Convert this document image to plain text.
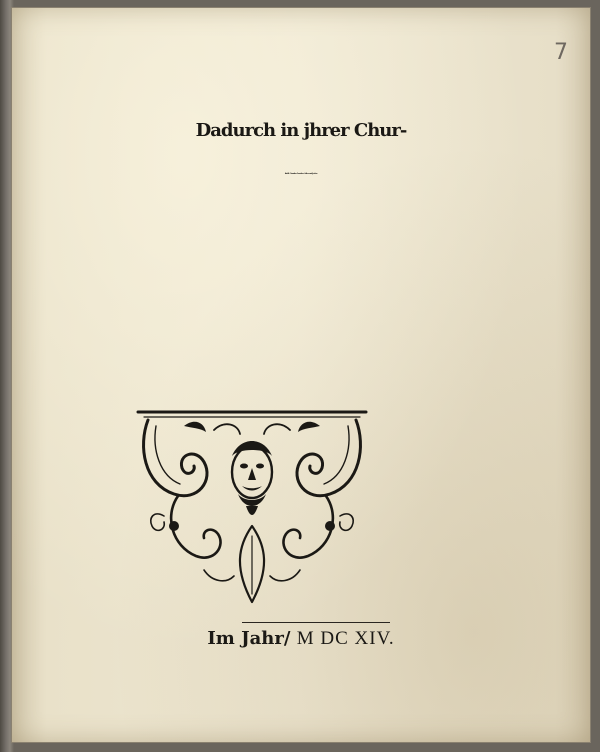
7
Dadurch in jhrer Chur-
fürſtl. Gnaden Landen / allen vnd jeden
Im Jahr/ M DC XIV.
